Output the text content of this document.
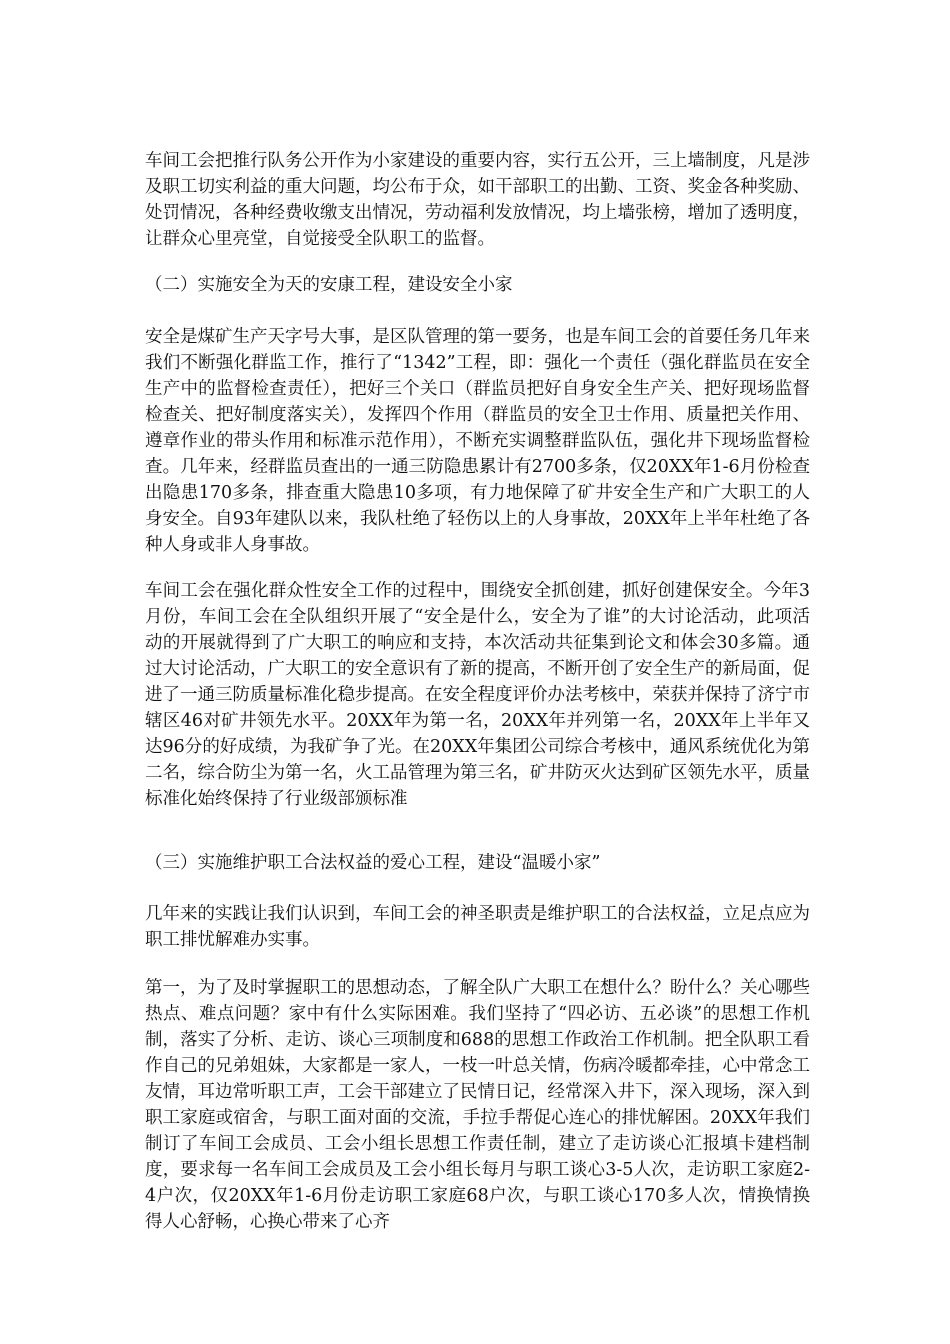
车间工会把推行队务公开作为小家建设的重要内容，实行五公开，三上墙制度，凡是涉及职工切实利益的重大问题，均公布于众，如干部职工的出勤、工资、奖金各种奖励、处罚情况，各种经费收缴支出情况，劳动福利发放情况，均上墙张榜，增加了透明度，让群众心里亮堂，自觉接受全队职工的监督。

（二）实施安全为天的安康工程，建设安全小家

安全是煤矿生产天字号大事，是区队管理的第一要务，也是车间工会的首要任务几年来我们不断强化群监工作，推行了“1342”工程，即：强化一个责任（强化群监员在安全生产中的监督检查责任），把好三个关口（群监员把好自身安全生产关、把好现场监督检查关、把好制度落实关），发挥四个作用（群监员的安全卫士作用、质量把关作用、遵章作业的带头作用和标准示范作用），不断充实调整群监队伍，强化井下现场监督检查。几年来，经群监员查出的一通三防隐患累计有2700多条，仅20XX年1-6月份检查出隐患170多条，排查重大隐患10多项，有力地保障了矿井安全生产和广大职工的人身安全。自93年建队以来，我队杜绝了轻伤以上的人身事故，20XX年上半年杜绝了各种人身或非人身事故。

车间工会在强化群众性安全工作的过程中，围绕安全抓创建，抓好创建保安全。今年3月份，车间工会在全队组织开展了“安全是什么，安全为了谁”的大讨论活动，此项活动的开展就得到了广大职工的响应和支持，本次活动共征集到论文和体会30多篇。通过大讨论活动，广大职工的安全意识有了新的提高，不断开创了安全生产的新局面，促进了一通三防质量标准化稳步提高。在安全程度评价办法考核中，荣获并保持了济宁市辖区46对矿井领先水平。20XX年为第一名，20XX年并列第一名，20XX年上半年又达96分的好成绩，为我矿争了光。在20XX年集团公司综合考核中，通风系统优化为第二名，综合防尘为第一名，火工品管理为第三名，矿井防灭火达到矿区领先水平，质量标准化始终保持了行业级部颁标准

（三）实施维护职工合法权益的爱心工程，建设“温暖小家”

几年来的实践让我们认识到，车间工会的神圣职责是维护职工的合法权益，立足点应为职工排忧解难办实事。

第一，为了及时掌握职工的思想动态，了解全队广大职工在想什么？盼什么？关心哪些热点、难点问题？家中有什么实际困难。我们坚持了“四必访、五必谈”的思想工作机制，落实了分析、走访、谈心三项制度和688的思想工作政治工作机制。把全队职工看作自己的兄弟姐妹，大家都是一家人，一枝一叶总关情，伤病冷暖都牵挂，心中常念工友情，耳边常听职工声，工会干部建立了民情日记，经常深入井下，深入现场，深入到职工家庭或宿舍，与职工面对面的交流，手拉手帮促心连心的排忧解困。20XX年我们制订了车间工会成员、工会小组长思想工作责任制，建立了走访谈心汇报填卡建档制度，要求每一名车间工会成员及工会小组长每月与职工谈心3-5人次，走访职工家庭2-4户次，仅20XX年1-6月份走访职工家庭68户次，与职工谈心170多人次，情换情换得人心舒畅，心换心带来了心齐
